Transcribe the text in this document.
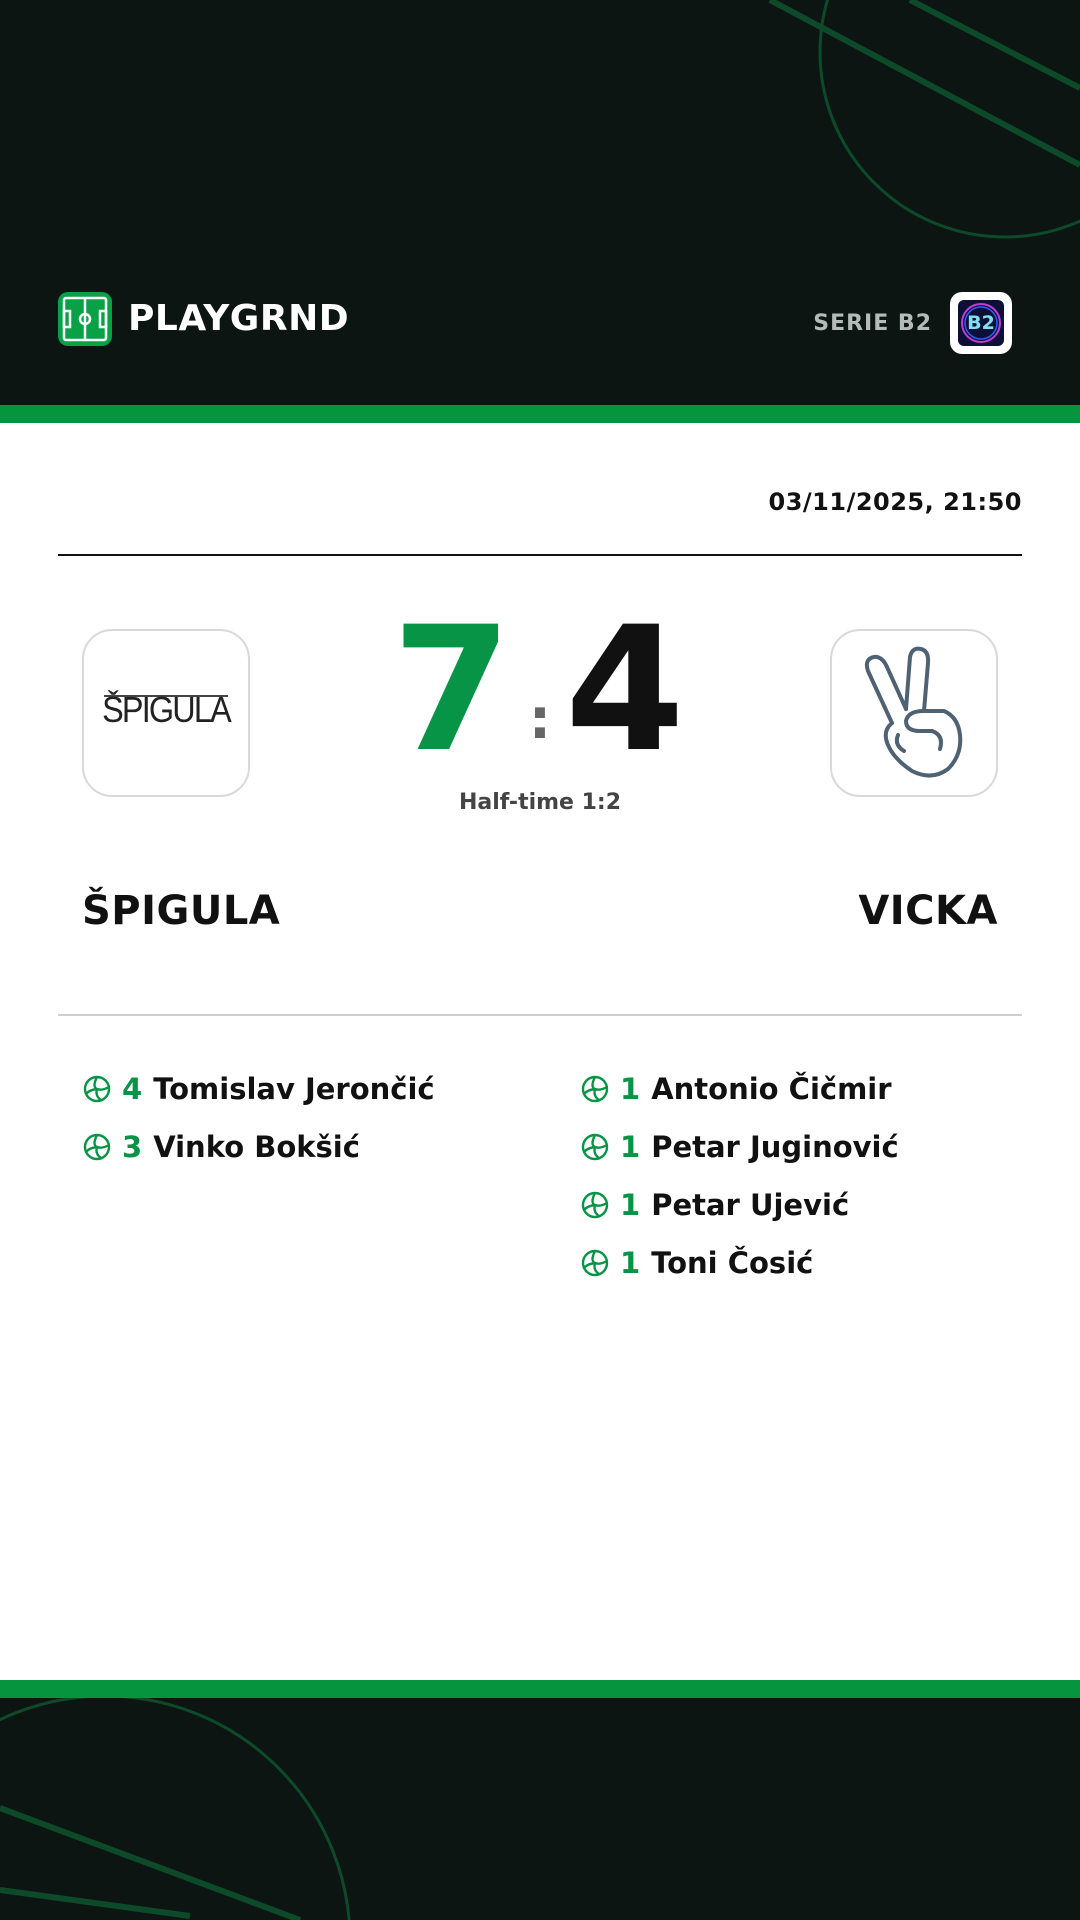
PLAYGRND	SERIE B2	B2
03/11/2025, 21:50
ŠPIGULA 7 : 4
Half-time 1:2
ŠPIGULA	VICKA
4 Tomislav Jerončić
3 Vinko Bokšić
1 Antonio Čičmir
1 Petar Juginović
1 Petar Ujević
1 Toni Čosić
